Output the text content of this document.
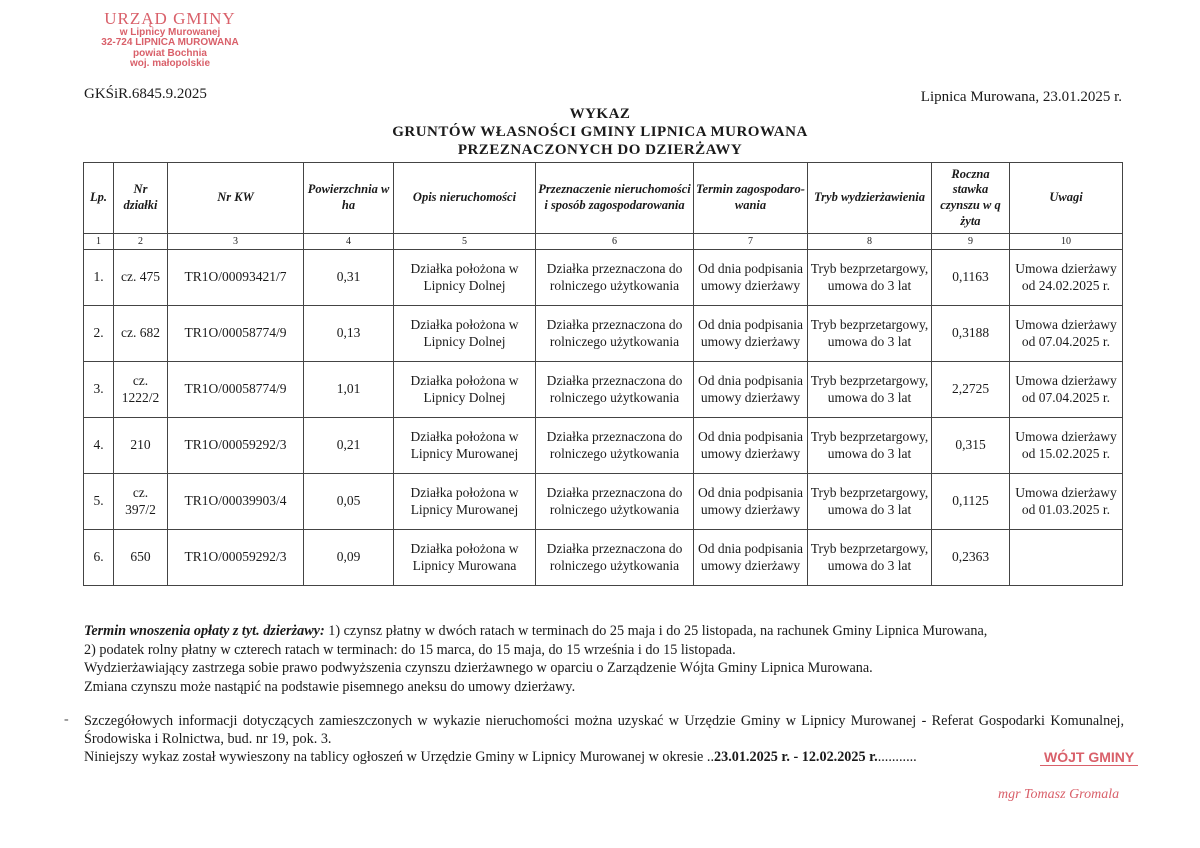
URZĄD GMINY
w Lipnicy Murowanej
32-724 LIPNICA MUROWANA
powiat Bochnia
woj. małopolskie
GKŚiR.6845.9.2025	Lipnica Murowana, 23.01.2025 r.
WYKAZ
GRUNTÓW WŁASNOŚCI GMINY LIPNICA MUROWANA
PRZEZNACZONYCH DO DZIERŻAWY
Lp.	Nr działki	Nr KW	Powierzchnia w ha	Opis nieruchomości	Przeznaczenie nieruchomości i sposób zagospodarowania	Termin zagospodaro-wania	Tryb wydzierżawienia	Roczna stawka czynszu w q żyta	Uwagi
1	2	3	4	5	6	7	8	9	10
1.	cz. 475	TR1O/00093421/7	0,31	Działka położona w Lipnicy Dolnej	Działka przeznaczona do rolniczego użytkowania	Od dnia podpisania umowy dzierżawy	Tryb bezprzetargowy, umowa do 3 lat	0,1163	Umowa dzierżawy od 24.02.2025 r.
2.	cz. 682	TR1O/00058774/9	0,13	Działka położona w Lipnicy Dolnej	Działka przeznaczona do rolniczego użytkowania	Od dnia podpisania umowy dzierżawy	Tryb bezprzetargowy, umowa do 3 lat	0,3188	Umowa dzierżawy od 07.04.2025 r.
3.	cz. 1222/2	TR1O/00058774/9	1,01	Działka położona w Lipnicy Dolnej	Działka przeznaczona do rolniczego użytkowania	Od dnia podpisania umowy dzierżawy	Tryb bezprzetargowy, umowa do 3 lat	2,2725	Umowa dzierżawy od 07.04.2025 r.
4.	210	TR1O/00059292/3	0,21	Działka położona w Lipnicy Murowanej	Działka przeznaczona do rolniczego użytkowania	Od dnia podpisania umowy dzierżawy	Tryb bezprzetargowy, umowa do 3 lat	0,315	Umowa dzierżawy od 15.02.2025 r.
5.	cz. 397/2	TR1O/00039903/4	0,05	Działka położona w Lipnicy Murowanej	Działka przeznaczona do rolniczego użytkowania	Od dnia podpisania umowy dzierżawy	Tryb bezprzetargowy, umowa do 3 lat	0,1125	Umowa dzierżawy od 01.03.2025 r.
6.	650	TR1O/00059292/3	0,09	Działka położona w Lipnicy Murowana	Działka przeznaczona do rolniczego użytkowania	Od dnia podpisania umowy dzierżawy	Tryb bezprzetargowy, umowa do 3 lat	0,2363	
Termin wnoszenia opłaty z tyt. dzierżawy: 1) czynsz płatny w dwóch ratach w terminach do 25 maja i do 25 listopada, na rachunek Gminy Lipnica Murowana,
2) podatek rolny płatny w czterech ratach w terminach: do 15 marca, do 15 maja, do 15 września i do 15 listopada.
Wydzierżawiający zastrzega sobie prawo podwyższenia czynszu dzierżawnego w oparciu o Zarządzenie Wójta Gminy Lipnica Murowana.
Zmiana czynszu może nastąpić na podstawie pisemnego aneksu do umowy dzierżawy.
- Szczegółowych informacji dotyczących zamieszczonych w wykazie nieruchomości można uzyskać w Urzędzie Gminy w Lipnicy Murowanej - Referat Gospodarki Komunalnej, Środowiska i Rolnictwa, bud. nr 19, pok. 3.
Niniejszy wykaz został wywieszony na tablicy ogłoszeń w Urzędzie Gminy w Lipnicy Murowanej w okresie ..23.01.2025 r. - 12.02.2025 r............	WÓJT GMINY
mgr Tomasz Gromala
